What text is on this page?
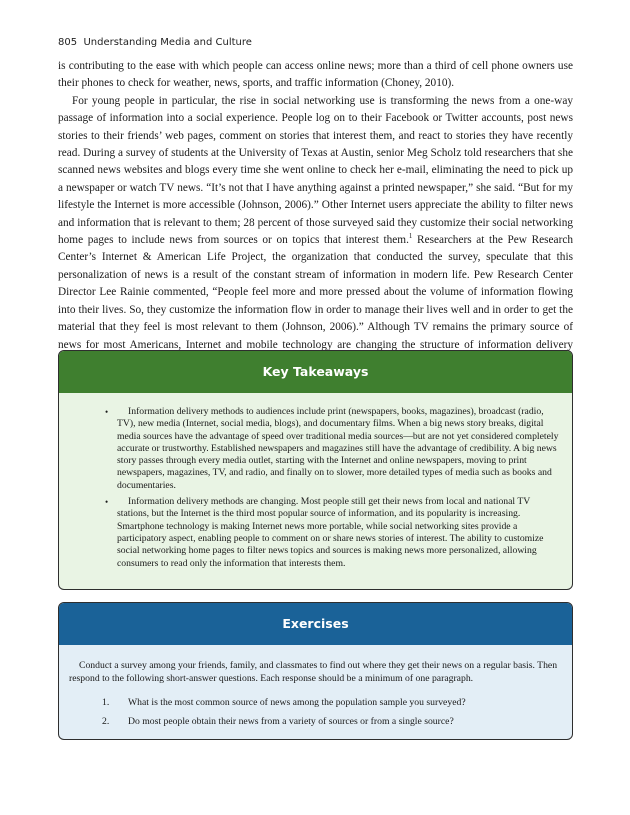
805 Understanding Media and Culture

is contributing to the ease with which people can access online news; more than a third of cell phone owners use their phones to check for weather, news, sports, and traffic information (Choney, 2010).

For young people in particular, the rise in social networking use is transforming the news from a one-way passage of information into a social experience. People log on to their Facebook or Twitter accounts, post news stories to their friends’ web pages, comment on stories that interest them, and react to stories they have recently read. During a survey of students at the University of Texas at Austin, senior Meg Scholz told researchers that she scanned news websites and blogs every time she went online to check her e-mail, eliminating the need to pick up a newspaper or watch TV news. “It’s not that I have anything against a printed newspaper,” she said. “But for my lifestyle the Internet is more accessible (Johnson, 2006).” Other Internet users appreciate the ability to filter news and information that is relevant to them; 28 percent of those surveyed said they customize their social networking home pages to include news from sources or on topics that interest them.$^1$ Researchers at the Pew Research Center’s Internet & American Life Project, the organization that conducted the survey, speculate that this personalization of news is a result of the constant stream of information in modern life. Pew Research Center Director Lee Rainie commented, “People feel more and more pressed about the volume of information flowing into their lives. So, they customize the information flow in order to manage their lives well and in order to get the material that they feel is most relevant to them (Johnson, 2006).” Although TV remains the primary source of news for most Americans, Internet and mobile technology are changing the structure of information delivery

Key Takeaways
• Information delivery methods to audiences include print (newspapers, books, magazines), broadcast (radio, TV), new media (Internet, social media, blogs), and documentary films. When a big news story breaks, digital media sources have the advantage of speed over traditional media sources—but are not yet considered completely accurate or trustworthy. Established newspapers and magazines still have the advantage of credibility. A big news story passes through every media outlet, starting with the Internet and online newspapers, moving to print newspapers, magazines, TV, and radio, and finally on to slower, more detailed types of media such as books and documentaries.
• Information delivery methods are changing. Most people still get their news from local and national TV stations, but the Internet is the third most popular source of information, and its popularity is increasing. Smartphone technology is making Internet news more portable, while social networking sites provide a participatory aspect, enabling people to comment on or share news stories of interest. The ability to customize social networking home pages to filter news topics and sources is making news more personalized, allowing consumers to read only the information that interests them.
Exercises

Conduct a survey among your friends, family, and classmates to find out where they get their news on a regular basis. Then respond to the following short-answer questions. Each response should be a minimum of one paragraph.

1. What is the most common source of news among the population sample you surveyed?
2. Do most people obtain their news from a variety of sources or from a single source?
